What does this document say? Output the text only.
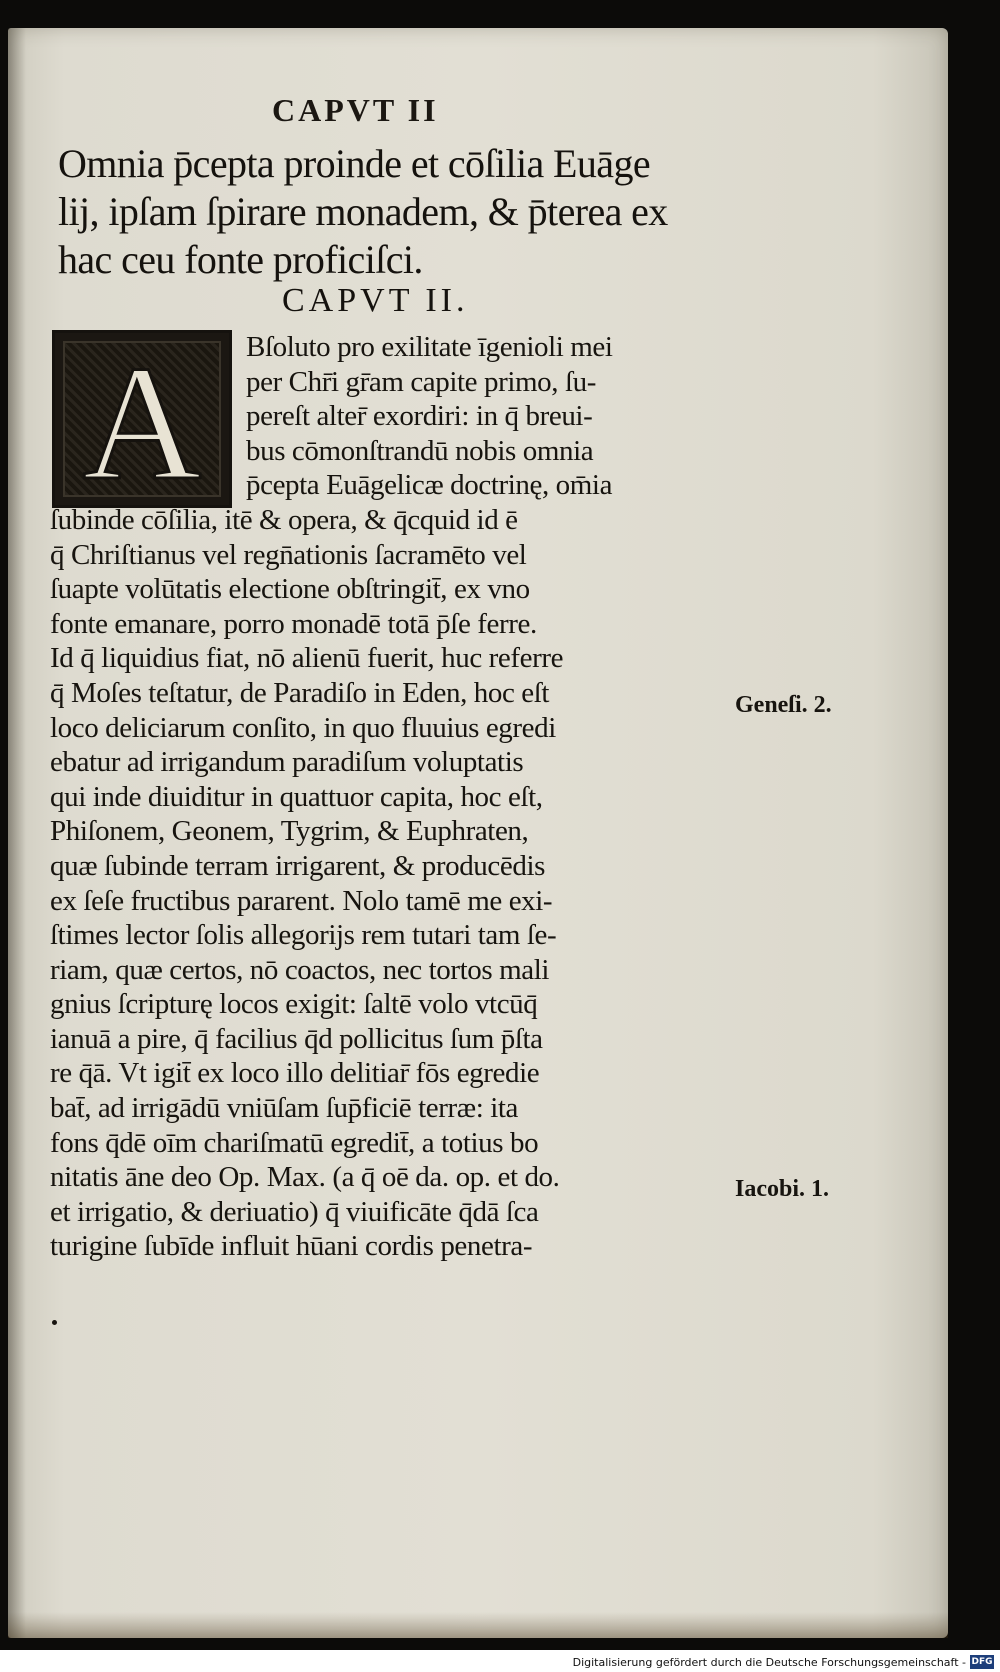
CAPVT II
Omnia p̄cepta proinde et cōſilia Euāge
lij, ipſam ſpirare monadem, & p̄terea ex
hac ceu fonte proficiſci.
CAPVT II.
A	Bſoluto pro exilitate īgenioli mei
per Chr̄i gr̄am capite primo, ſu-
pereſt alter̄ exordiri: in q̄ breui-
bus cōmonſtrandū nobis omnia
p̄cepta Euāgelicæ doctrinę, om̄ia
ſubinde cōſilia, itē & opera, & q̄cquid id ē
q̄ Chriſtianus vel regn̄ationis ſacramēto vel
ſuapte volūtatis electione obſtringit̄, ex vno
fonte emanare, porro monadē totā p̄ſe ferre.
Id q̄ liquidius fiat, nō alienū fuerit, huc referre
q̄ Moſes teſtatur, de Paradiſo in Eden, hoc eſt
loco deliciarum conſito, in quo fluuius egredi
ebatur ad irrigandum paradiſum voluptatis
qui inde diuiditur in quattuor capita, hoc eſt,
Phiſonem, Geonem, Tygrim, & Euphraten,
quæ ſubinde terram irrigarent, & producēdis
ex ſeſe fructibus pararent. Nolo tamē me exi-
ſtimes lector ſolis allegorijs rem tutari tam ſe-
riam, quæ certos, nō coactos, nec tortos mali
gnius ſcripturę locos exigit: ſaltē volo vtcūq̄
ianuā a pire, q̄ facilius q̄d pollicitus ſum p̄ſta
re q̄ā. Vt igit̄ ex loco illo delitiar̄ fōs egredie
bat̄, ad irrigādū vniūſam ſup̄ficiē terræ: ita
fons q̄dē oīm chariſmatū egredit̄, a totius bo
nitatis āne deo Op. Max. (a q̄ oē da. op. et do.
et irrigatio, & deriuatio) q̄ viuificāte q̄dā ſca
turigine ſubīde influit hūani cordis penetra-
Geneſi. 2.
Iacobi. 1.
Digitalisierung gefördert durch die Deutsche Forschungsgemeinschaft - DFG
